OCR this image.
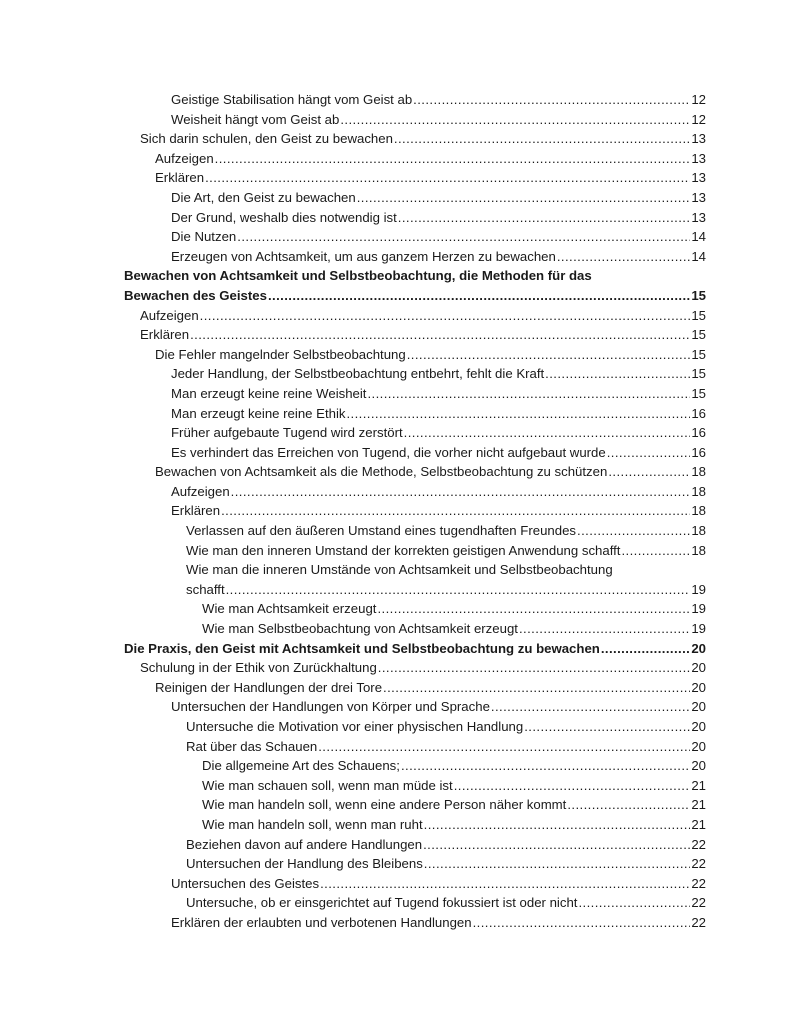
Geistige Stabilisation hängt vom Geist ab .....	12
Weisheit hängt vom Geist ab .....	12
Sich darin schulen, den Geist zu bewachen .....	13
Aufzeigen .....	13
Erklären .....	13
Die Art, den Geist zu bewachen .....	13
Der Grund, weshalb dies notwendig ist .....	13
Die Nutzen .....	14
Erzeugen von Achtsamkeit, um aus ganzem Herzen zu bewachen .....	14
Bewachen von Achtsamkeit und Selbstbeobachtung, die Methoden für das
Bewachen des Geistes .....	15
Aufzeigen .....	15
Erklären .....	15
Die Fehler mangelnder Selbstbeobachtung .....	15
Jeder Handlung, der Selbstbeobachtung entbehrt, fehlt die Kraft .....	15
Man erzeugt keine reine Weisheit .....	15
Man erzeugt keine reine Ethik .....	16
Früher aufgebaute Tugend wird zerstört .....	16
Es verhindert das Erreichen von Tugend, die vorher nicht aufgebaut wurde .....	16
Bewachen von Achtsamkeit als die Methode, Selbstbeobachtung zu schützen .....	18
Aufzeigen .....	18
Erklären .....	18
Verlassen auf den äußeren Umstand eines tugendhaften Freundes .....	18
Wie man den inneren Umstand der korrekten geistigen Anwendung schafft .....	18
Wie man die inneren Umstände von Achtsamkeit und Selbstbeobachtung
schafft .....	19
Wie man Achtsamkeit erzeugt .....	19
Wie man Selbstbeobachtung von Achtsamkeit erzeugt .....	19
Die Praxis, den Geist mit Achtsamkeit und Selbstbeobachtung zu bewachen .....	20
Schulung in der Ethik von Zurückhaltung .....	20
Reinigen der Handlungen der drei Tore .....	20
Untersuchen der Handlungen von Körper und Sprache .....	20
Untersuche die Motivation vor einer physischen Handlung .....	20
Rat über das Schauen .....	20
Die allgemeine Art des Schauens; .....	20
Wie man schauen soll, wenn man müde ist .....	21
Wie man handeln soll, wenn eine andere Person näher kommt .....	21
Wie man handeln soll, wenn man ruht .....	21
Beziehen davon auf andere Handlungen .....	22
Untersuchen der Handlung des Bleibens .....	22
Untersuchen des Geistes .....	22
Untersuche, ob er einsgerichtet auf Tugend fokussiert ist oder nicht .....	22
Erklären der erlaubten und verbotenen Handlungen .....	22
